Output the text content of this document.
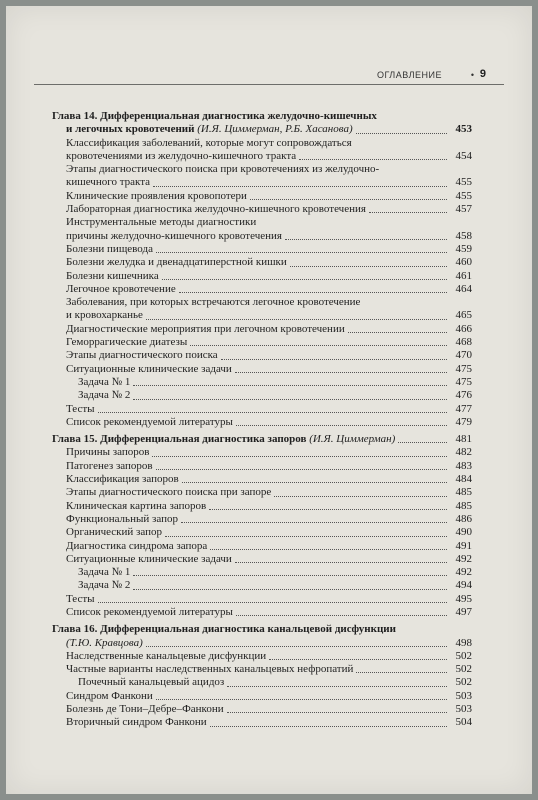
ОГЛАВЛЕНИЕ	• 9
Глава 14. Дифференциальная диагностика желудочно-кишечных
и легочных кровотечений (И.Я. Циммерман, Р.Б. Хасанова)	453
Классификация заболеваний, которые могут сопровождаться
кровотечениями из желудочно-кишечного тракта	454
Этапы диагностического поиска при кровотечениях из желудочно-
кишечного тракта	455
Клинические проявления кровопотери	455
Лабораторная диагностика желудочно-кишечного кровотечения	457
Инструментальные методы диагностики
причины желудочно-кишечного кровотечения	458
Болезни пищевода	459
Болезни желудка и двенадцатиперстной кишки	460
Болезни кишечника	461
Легочное кровотечение	464
Заболевания, при которых встречаются легочное кровотечение
и кровохарканье	465
Диагностические мероприятия при легочном кровотечении	466
Геморрагические диатезы	468
Этапы диагностического поиска	470
Ситуационные клинические задачи	475
Задача № 1	475
Задача № 2	476
Тесты	477
Список рекомендуемой литературы	479
Глава 15. Дифференциальная диагностика запоров (И.Я. Циммерман)	481
Причины запоров	482
Патогенез запоров	483
Классификация запоров	484
Этапы диагностического поиска при запоре	485
Клиническая картина запоров	485
Функциональный запор	486
Органический запор	490
Диагностика синдрома запора	491
Ситуационные клинические задачи	492
Задача № 1	492
Задача № 2	494
Тесты	495
Список рекомендуемой литературы	497
Глава 16. Дифференциальная диагностика канальцевой дисфункции
(Т.Ю. Кравцова)	498
Наследственные канальцевые дисфункции	502
Частные варианты наследственных канальцевых нефропатий	502
Почечный канальцевый ацидоз	502
Синдром Фанкони	503
Болезнь де Тони–Дебре–Фанкони	503
Вторичный синдром Фанкони	504
